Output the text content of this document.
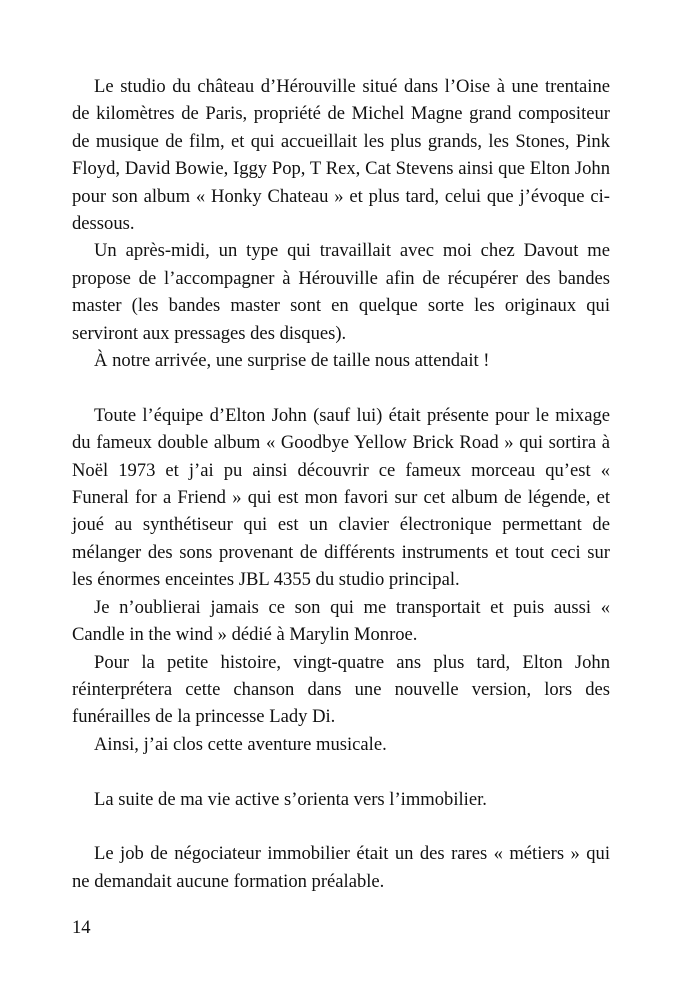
Le studio du château d’Hérouville situé dans l’Oise à une trentaine de kilomètres de Paris, propriété de Michel Magne grand compositeur de musique de film, et qui accueillait les plus grands, les Stones, Pink Floyd, David Bowie, Iggy Pop, T Rex, Cat Stevens ainsi que Elton John pour son album « Honky Chateau » et plus tard, celui que j’évoque ci-dessous.

Un après-midi, un type qui travaillait avec moi chez Davout me propose de l’accompagner à Hérouville afin de récupérer des bandes master (les bandes master sont en quelque sorte les originaux qui serviront aux pressages des disques).

À notre arrivée, une surprise de taille nous attendait !

Toute l’équipe d’Elton John (sauf lui) était présente pour le mixage du fameux double album « Goodbye Yellow Brick Road » qui sortira à Noël 1973 et j’ai pu ainsi découvrir ce fameux morceau qu’est « Funeral for a Friend » qui est mon favori sur cet album de légende, et joué au synthétiseur qui est un clavier électronique permettant de mélanger des sons provenant de différents instruments et tout ceci sur les énormes enceintes JBL 4355 du studio principal.

Je n’oublierai jamais ce son qui me transportait et puis aussi « Candle in the wind » dédié à Marylin Monroe.

Pour la petite histoire, vingt-quatre ans plus tard, Elton John réinterprétera cette chanson dans une nouvelle version, lors des funérailles de la princesse Lady Di.

Ainsi, j’ai clos cette aventure musicale.

La suite de ma vie active s’orienta vers l’immobilier.

Le job de négociateur immobilier était un des rares « métiers » qui ne demandait aucune formation préalable.

14
